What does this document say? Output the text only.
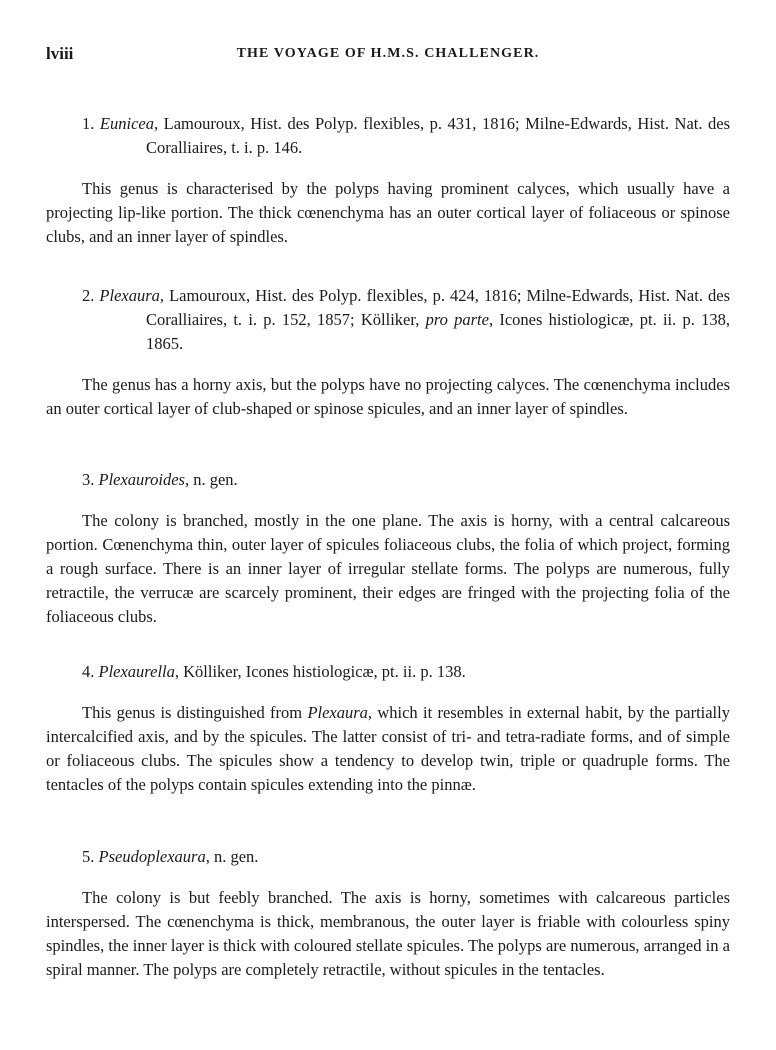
lviii	THE VOYAGE OF H.M.S. CHALLENGER.
1. Eunicea, Lamouroux, Hist. des Polyp. flexibles, p. 431, 1816; Milne-Edwards, Hist. Nat. des Coralliaires, t. i. p. 146.
This genus is characterised by the polyps having prominent calyces, which usually have a projecting lip-like portion. The thick cœnenchyma has an outer cortical layer of foliaceous or spinose clubs, and an inner layer of spindles.
2. Plexaura, Lamouroux, Hist. des Polyp. flexibles, p. 424, 1816; Milne-Edwards, Hist. Nat. des Coralliaires, t. i. p. 152, 1857; Kölliker, pro parte, Icones histiologicæ, pt. ii. p. 138, 1865.
The genus has a horny axis, but the polyps have no projecting calyces. The cœnenchyma includes an outer cortical layer of club-shaped or spinose spicules, and an inner layer of spindles.
3. Plexauroides, n. gen.
The colony is branched, mostly in the one plane. The axis is horny, with a central calcareous portion. Cœnenchyma thin, outer layer of spicules foliaceous clubs, the folia of which project, forming a rough surface. There is an inner layer of irregular stellate forms. The polyps are numerous, fully retractile, the verrucæ are scarcely prominent, their edges are fringed with the projecting folia of the foliaceous clubs.
4. Plexaurella, Kölliker, Icones histiologicæ, pt. ii. p. 138.
This genus is distinguished from Plexaura, which it resembles in external habit, by the partially intercalcified axis, and by the spicules. The latter consist of tri- and tetra-radiate forms, and of simple or foliaceous clubs. The spicules show a tendency to develop twin, triple or quadruple forms. The tentacles of the polyps contain spicules extending into the pinnæ.
5. Pseudoplexaura, n. gen.
The colony is but feebly branched. The axis is horny, sometimes with calcareous particles interspersed. The cœnenchyma is thick, membranous, the outer layer is friable with colourless spiny spindles, the inner layer is thick with coloured stellate spicules. The polyps are numerous, arranged in a spiral manner. The polyps are completely retractile, without spicules in the tentacles.
